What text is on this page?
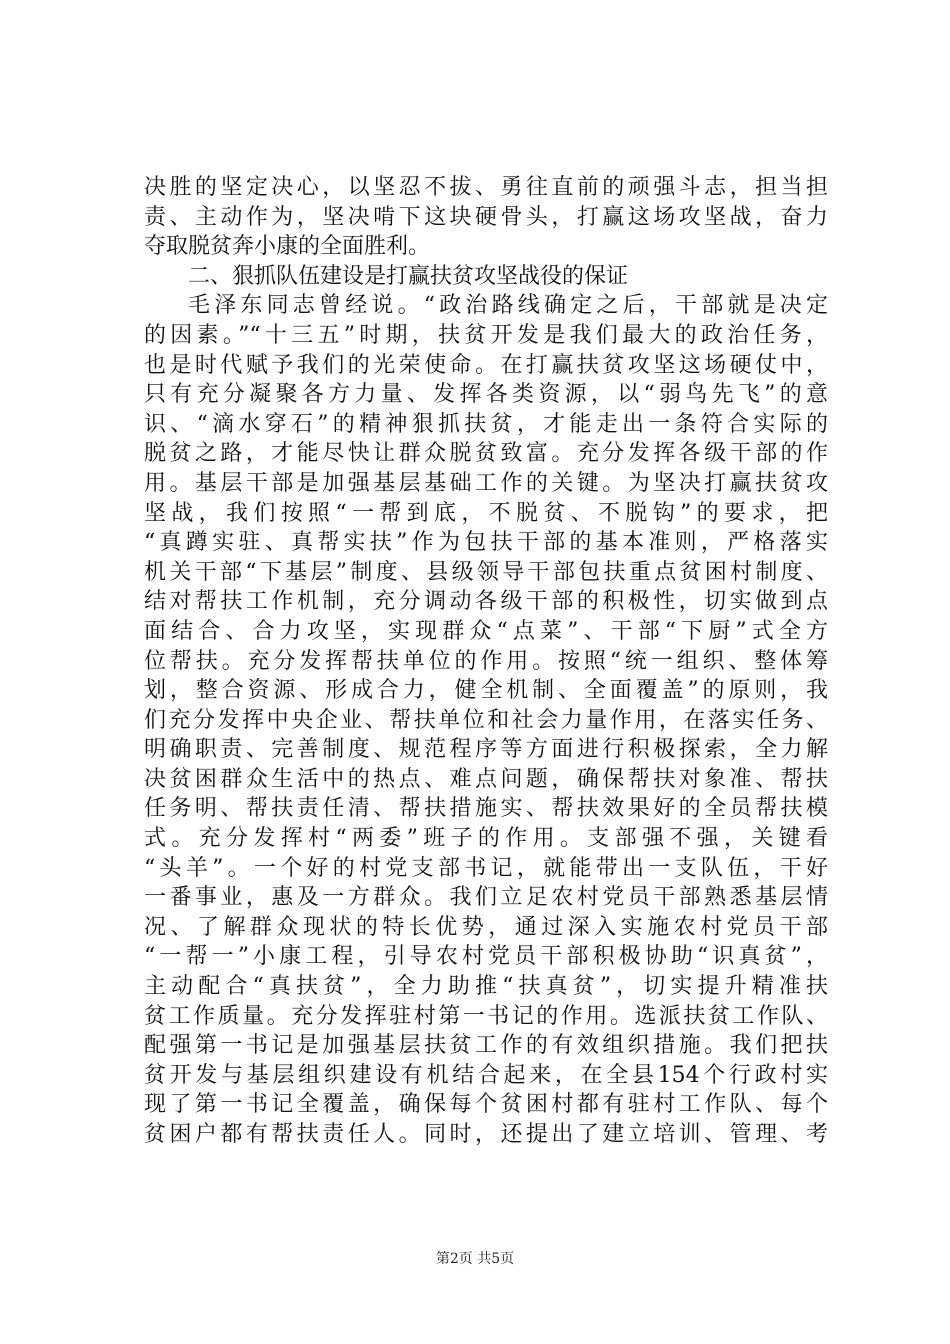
决胜的坚定决心，以坚忍不拔、勇往直前的顽强斗志，担当担
责、主动作为，坚决啃下这块硬骨头，打赢这场攻坚战，奋力
夺取脱贫奔小康的全面胜利。
二、狠抓队伍建设是打赢扶贫攻坚战役的保证
毛泽东同志曾经说。“政治路线确定之后，干部就是决定
的因素。”“十三五”时期，扶贫开发是我们最大的政治任务，
也是时代赋予我们的光荣使命。在打赢扶贫攻坚这场硬仗中，
只有充分凝聚各方力量、发挥各类资源，以“弱鸟先飞”的意
识、“滴水穿石”的精神狠抓扶贫，才能走出一条符合实际的
脱贫之路，才能尽快让群众脱贫致富。充分发挥各级干部的作
用。基层干部是加强基层基础工作的关键。为坚决打赢扶贫攻
坚战，我们按照“一帮到底，不脱贫、不脱钩”的要求，把
“真蹲实驻、真帮实扶”作为包扶干部的基本准则，严格落实
机关干部“下基层”制度、县级领导干部包扶重点贫困村制度、
结对帮扶工作机制，充分调动各级干部的积极性，切实做到点
面结合、合力攻坚，实现群众“点菜”、干部“下厨”式全方
位帮扶。充分发挥帮扶单位的作用。按照“统一组织、整体筹
划，整合资源、形成合力，健全机制、全面覆盖”的原则，我
们充分发挥中央企业、帮扶单位和社会力量作用，在落实任务、
明确职责、完善制度、规范程序等方面进行积极探索，全力解
决贫困群众生活中的热点、难点问题，确保帮扶对象准、帮扶
任务明、帮扶责任清、帮扶措施实、帮扶效果好的全员帮扶模
式。充分发挥村“两委”班子的作用。支部强不强，关键看
“头羊”。一个好的村党支部书记，就能带出一支队伍，干好
一番事业，惠及一方群众。我们立足农村党员干部熟悉基层情
况、了解群众现状的特长优势，通过深入实施农村党员干部
“一帮一”小康工程，引导农村党员干部积极协助“识真贫”，
主动配合“真扶贫”，全力助推“扶真贫”，切实提升精准扶
贫工作质量。充分发挥驻村第一书记的作用。选派扶贫工作队、
配强第一书记是加强基层扶贫工作的有效组织措施。我们把扶
贫开发与基层组织建设有机结合起来，在全县154个行政村实
现了第一书记全覆盖，确保每个贫困村都有驻村工作队、每个
贫困户都有帮扶责任人。同时，还提出了建立培训、管理、考
第2页 共5页
